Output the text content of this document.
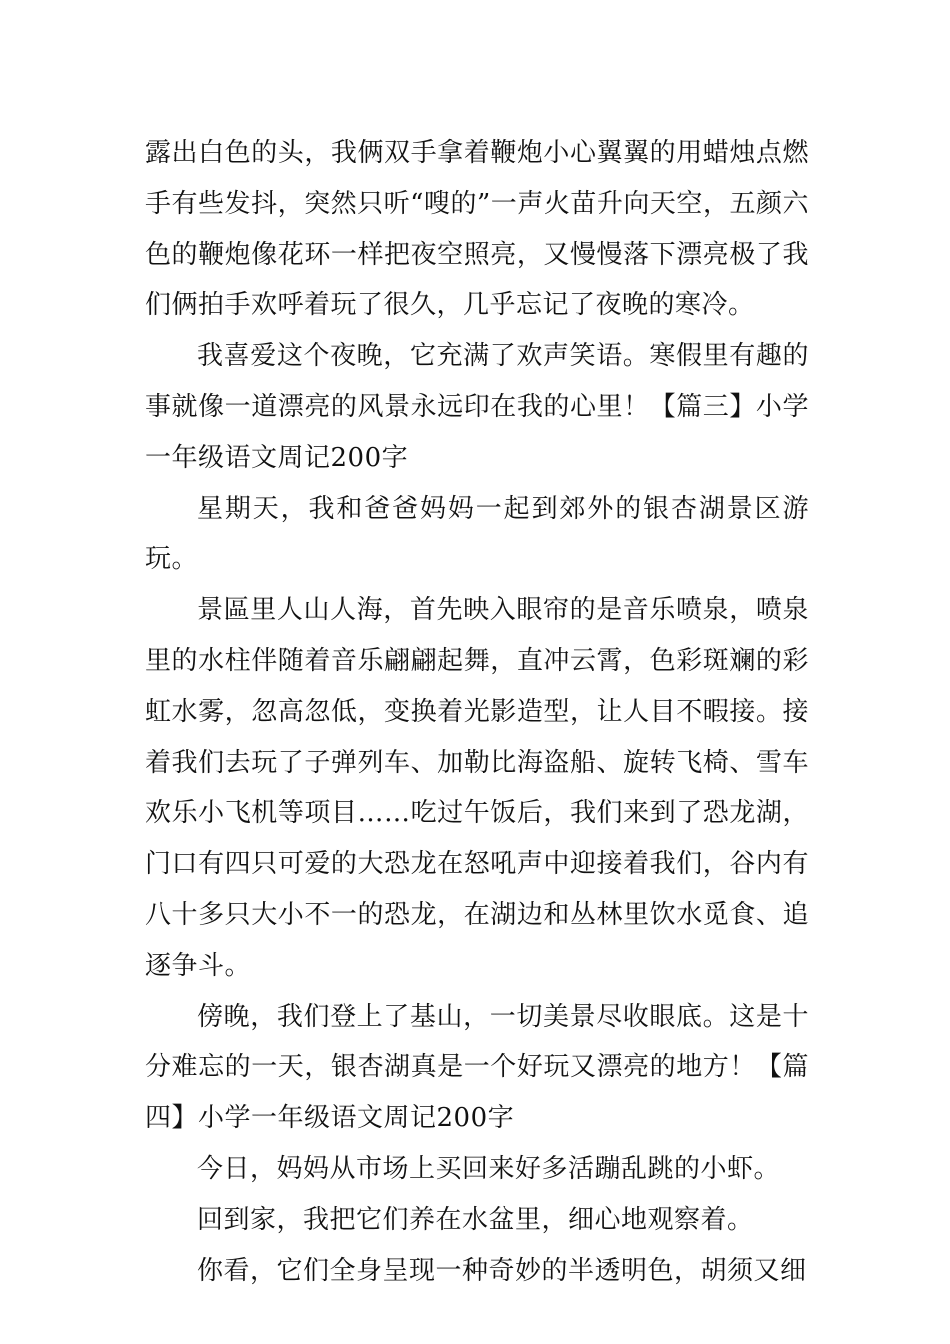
露出白色的头，我俩双手拿着鞭炮小心翼翼的用蜡烛点燃手有些发抖，突然只听“嗖的”一声火苗升向天空，五颜六色的鞭炮像花环一样把夜空照亮，又慢慢落下漂亮极了我们俩拍手欢呼着玩了很久，几乎忘记了夜晚的寒冷。

我喜爱这个夜晚，它充满了欢声笑语。寒假里有趣的事就像一道漂亮的风景永远印在我的心里！【篇三】小学一年级语文周记200字

星期天，我和爸爸妈妈一起到郊外的银杏湖景区游玩。

景區里人山人海，首先映入眼帘的是音乐喷泉，喷泉里的水柱伴随着音乐翩翩起舞，直冲云霄，色彩斑斓的彩虹水雾，忽高忽低，变换着光影造型，让人目不暇接。接着我们去玩了子弹列车、加勒比海盗船、旋转飞椅、雪车欢乐小飞机等项目……吃过午饭后，我们来到了恐龙湖，门口有四只可爱的大恐龙在怒吼声中迎接着我们，谷内有八十多只大小不一的恐龙，在湖边和丛林里饮水觅食、追逐争斗。

傍晚，我们登上了基山，一切美景尽收眼底。这是十分难忘的一天，银杏湖真是一个好玩又漂亮的地方！【篇四】小学一年级语文周记200字

今日，妈妈从市场上买回来好多活蹦乱跳的小虾。

回到家，我把它们养在水盆里，细心地观察着。

你看，它们全身呈现一种奇妙的半透明色，胡须又细
